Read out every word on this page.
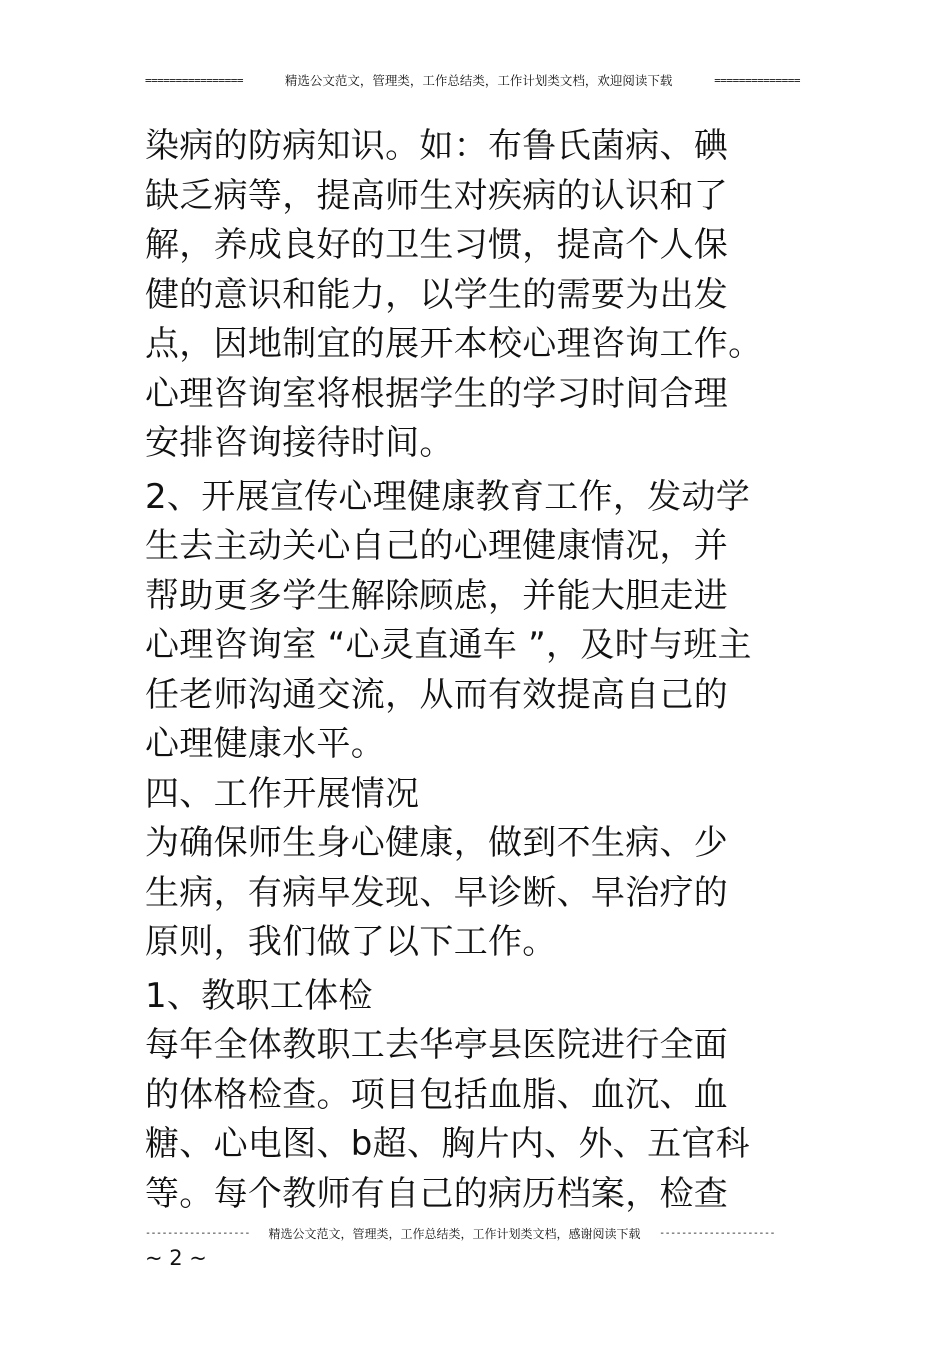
================	精选公文范文，管理类，工作总结类，工作计划类文档，欢迎阅读下载	==============

染病的防病知识。如：布鲁氏菌病、碘

缺乏病等，提高师生对疾病的认识和了

解，养成良好的卫生习惯，提高个人保

健的意识和能力，以学生的需要为出发

点，因地制宜的展开本校心理咨询工作。

心理咨询室将根据学生的学习时间合理

安排咨询接待时间。

2、开展宣传心理健康教育工作，发动学

生去主动关心自己的心理健康情况，并

帮助更多学生解除顾虑，并能大胆走进

心理咨询室 “心灵直通车 ”，及时与班主

任老师沟通交流，从而有效提高自己的

心理健康水平。

四、工作开展情况

为确保师生身心健康，做到不生病、少

生病，有病早发现、早诊断、早治疗的

原则，我们做了以下工作。

1、教职工体检

每年全体教职工去华亭县医院进行全面

的体格检查。项目包括血脂、血沉、血

糖、心电图、b超、胸片内、外、五官科

等。每个教师有自己的病历档案，检查

------------------- 精选公文范文，管理类，工作总结类，工作计划类文档，感谢阅读下载 ---------------------
~ 2 ~
